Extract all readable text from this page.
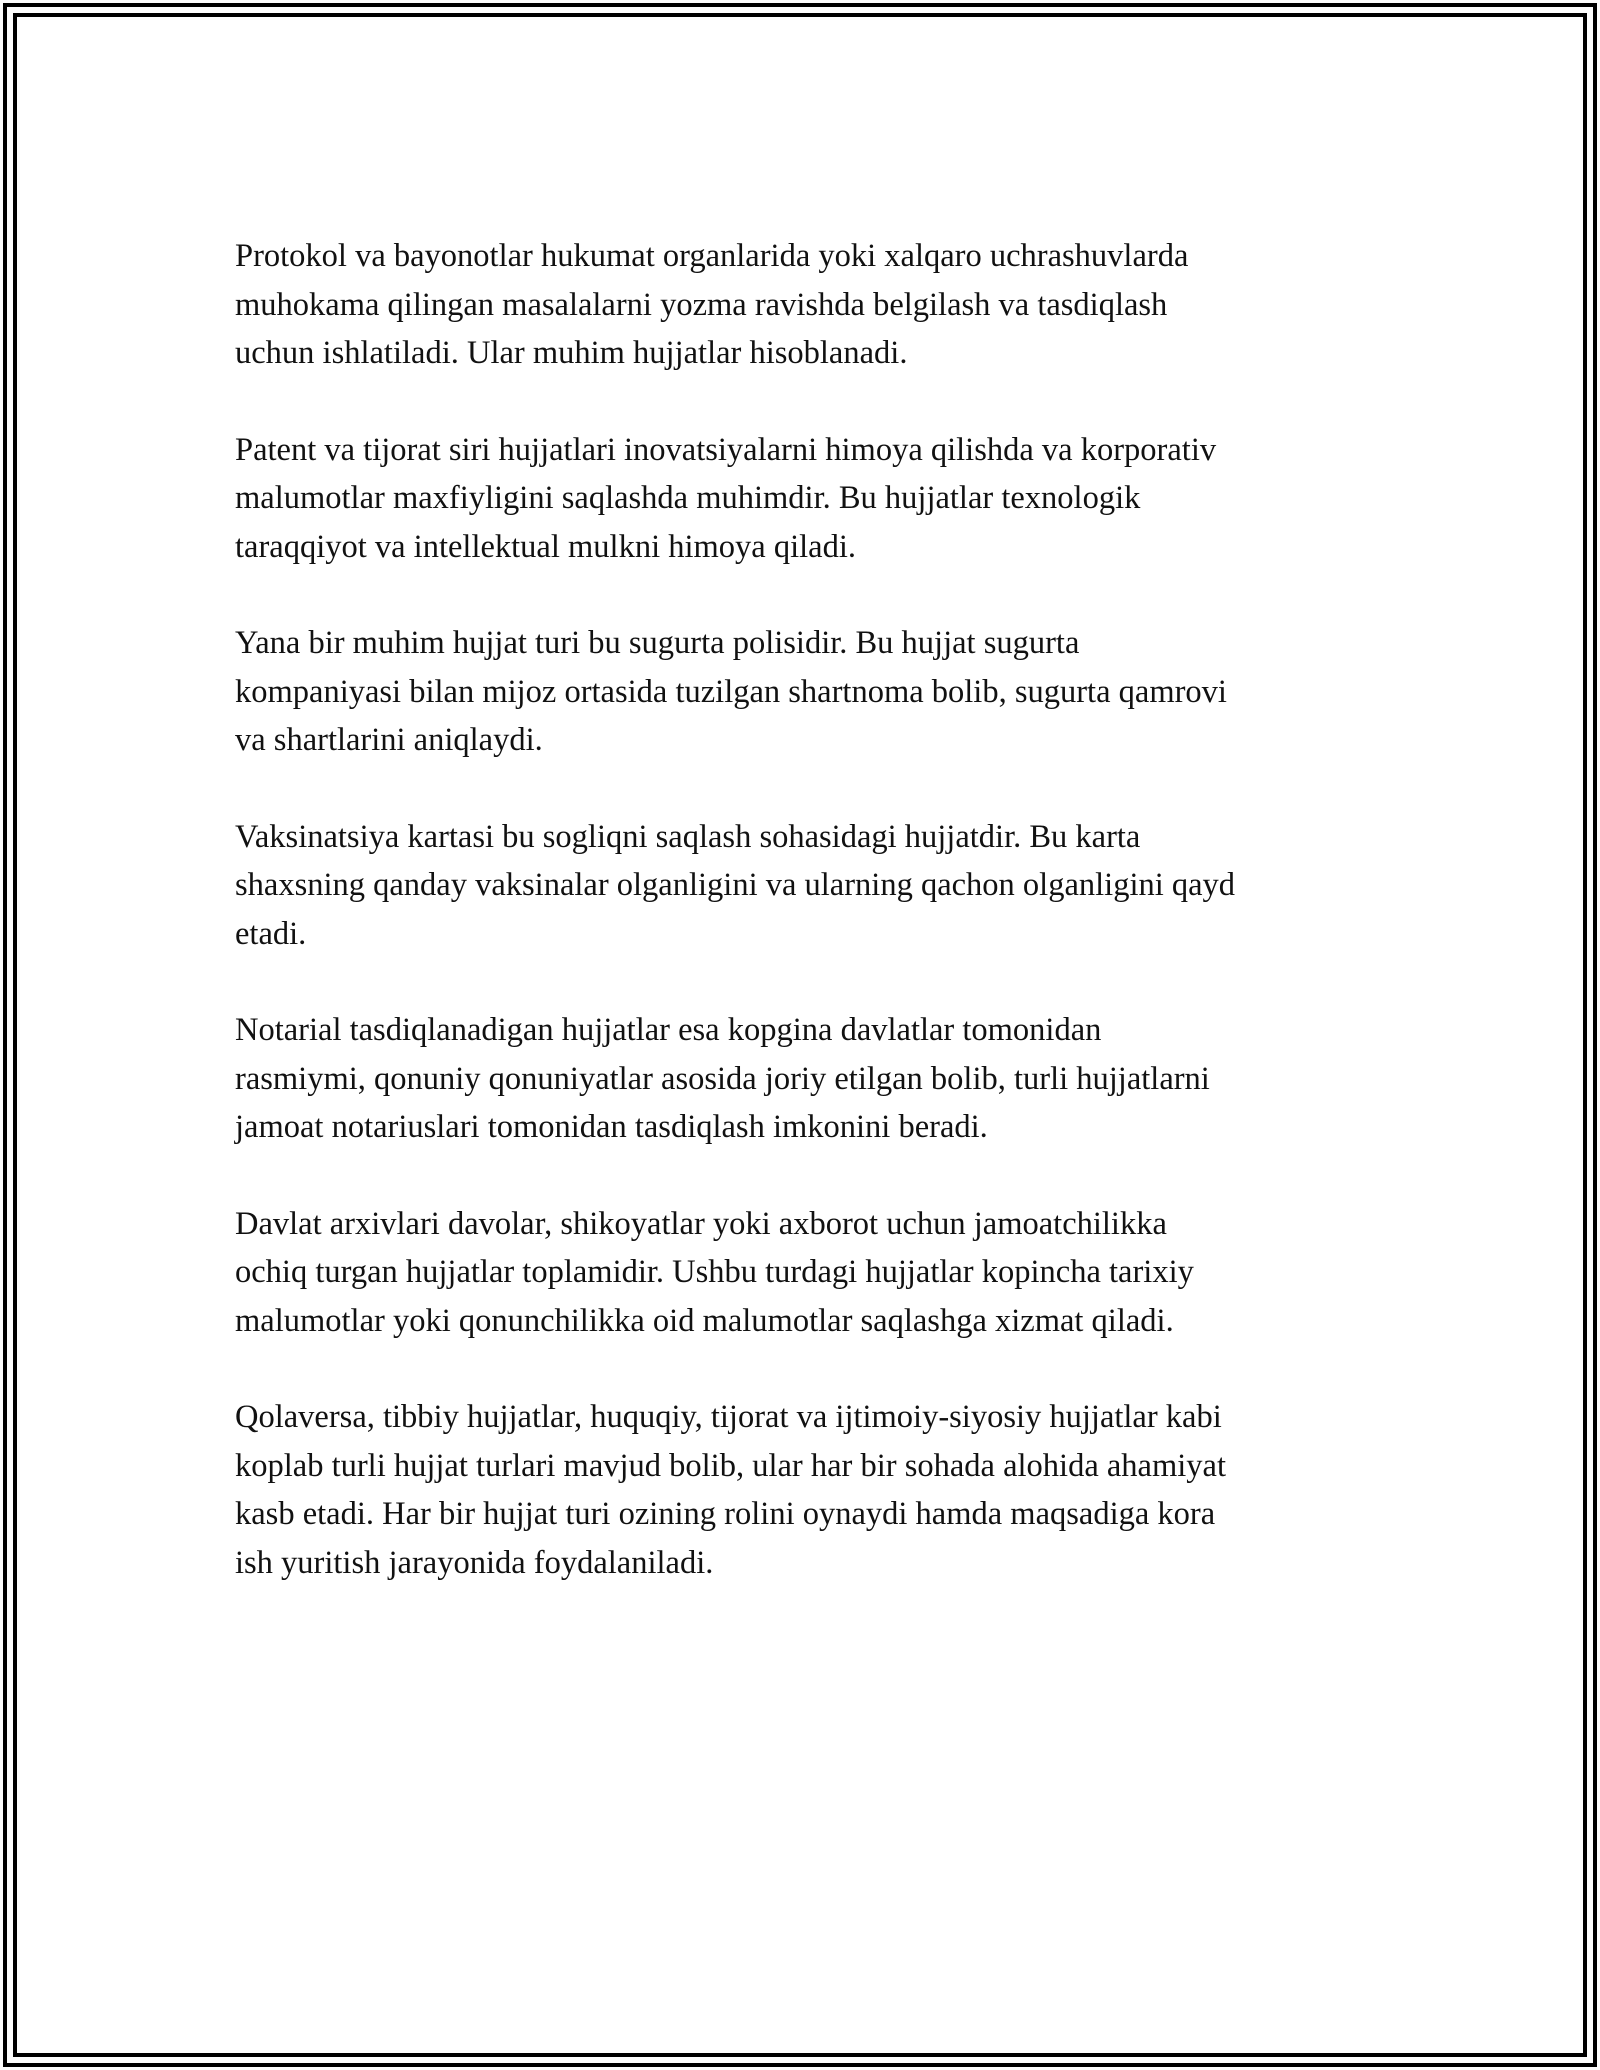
Protokol va bayonotlar hukumat organlarida yoki xalqaro uchrashuvlarda
muhokama qilingan masalalarni yozma ravishda belgilash va tasdiqlash
uchun ishlatiladi. Ular muhim hujjatlar hisoblanadi.

Patent va tijorat siri hujjatlari inovatsiyalarni himoya qilishda va korporativ
malumotlar maxfiyligini saqlashda muhimdir. Bu hujjatlar texnologik
taraqqiyot va intellektual mulkni himoya qiladi.

Yana bir muhim hujjat turi bu sugurta polisidir. Bu hujjat sugurta
kompaniyasi bilan mijoz ortasida tuzilgan shartnoma bolib, sugurta qamrovi
va shartlarini aniqlaydi.

Vaksinatsiya kartasi bu sogliqni saqlash sohasidagi hujjatdir. Bu karta
shaxsning qanday vaksinalar olganligini va ularning qachon olganligini qayd
etadi.

Notarial tasdiqlanadigan hujjatlar esa kopgina davlatlar tomonidan
rasmiymi, qonuniy qonuniyatlar asosida joriy etilgan bolib, turli hujjatlarni
jamoat notariuslari tomonidan tasdiqlash imkonini beradi.

Davlat arxivlari davolar, shikoyatlar yoki axborot uchun jamoatchilikka
ochiq turgan hujjatlar toplamidir. Ushbu turdagi hujjatlar kopincha tarixiy
malumotlar yoki qonunchilikka oid malumotlar saqlashga xizmat qiladi.

Qolaversa, tibbiy hujjatlar, huquqiy, tijorat va ijtimoiy-siyosiy hujjatlar kabi
koplab turli hujjat turlari mavjud bolib, ular har bir sohada alohida ahamiyat
kasb etadi. Har bir hujjat turi ozining rolini oynaydi hamda maqsadiga kora
ish yuritish jarayonida foydalaniladi.
